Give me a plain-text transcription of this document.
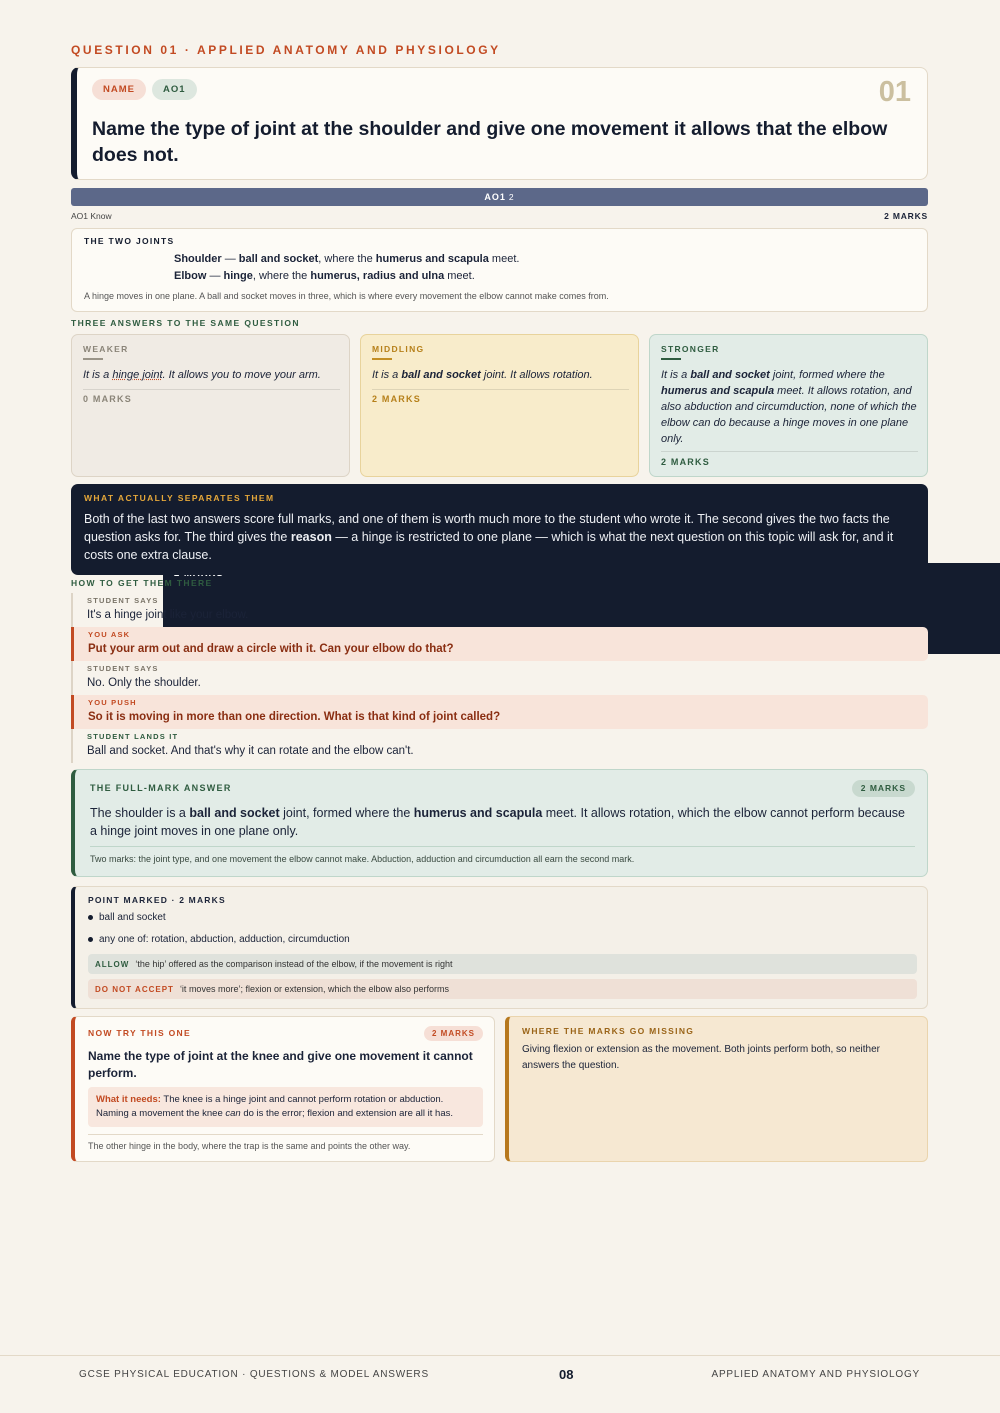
QUESTION 01 · APPLIED ANATOMY AND PHYSIOLOGY
NAME	AO1	01
Name the type of joint at the shoulder and give one movement it allows that the elbow does not.
AO1 2
AO1 Know	2 MARKS
THE TWO JOINTS
Shoulder — ball and socket, where the humerus and scapula meet.
Elbow — hinge, where the humerus, radius and ulna meet.
A hinge moves in one plane. A ball and socket moves in three, which is where every movement the elbow cannot make comes from.
THREE ANSWERS TO THE SAME QUESTION
WEAKER
It is a hinge joint. It allows you to move your arm.
0 MARKS
MIDDLING
It is a ball and socket joint. It allows rotation.
2 MARKS
STRONGER
It is a ball and socket joint, formed where the humerus and scapula meet. It allows rotation, and also abduction and circumduction, none of which the elbow can do because a hinge moves in one plane only.
2 MARKS
WHAT ACTUALLY SEPARATES THEM
Both of the last two answers score full marks, and one of them is worth much more to the student who wrote it. The second gives the two facts the question asks for. The third gives the reason — a hinge is restricted to one plane — which is what the next question on this topic will ask for, and it costs one extra clause.
HOW TO GET THEM THERE
STUDENT SAYS
It's a hinge joint like your elbow.
YOU ASK
Put your arm out and draw a circle with it. Can your elbow do that?
STUDENT SAYS
No. Only the shoulder.
YOU PUSH
So it is moving in more than one direction. What is that kind of joint called?
STUDENT LANDS IT
Ball and socket. And that's why it can rotate and the elbow can't.
THE FULL-MARK ANSWER	2 MARKS
The shoulder is a ball and socket joint, formed where the humerus and scapula meet. It allows rotation, which the elbow cannot perform because a hinge joint moves in one plane only.
Two marks: the joint type, and one movement the elbow cannot make. Abduction, adduction and circumduction all earn the second mark.
POINT MARKED · 2 MARKS
ball and socket
any one of: rotation, abduction, adduction, circumduction
ALLOW ‘the hip’ offered as the comparison instead of the elbow, if the movement is right
DO NOT ACCEPT ‘it moves more’; flexion or extension, which the elbow also performs
NOW TRY THIS ONE	2 MARKS
Name the type of joint at the knee and give one movement it cannot perform.
What it needs: The knee is a hinge joint and cannot perform rotation or abduction. Naming a movement the knee can do is the error; flexion and extension are all it has.
The other hinge in the body, where the trap is the same and points the other way.
WHERE THE MARKS GO MISSING
Giving flexion or extension as the movement. Both joints perform both, so neither answers the question.
GCSE PHYSICAL EDUCATION · QUESTIONS & MODEL ANSWERS	08	APPLIED ANATOMY AND PHYSIOLOGY
